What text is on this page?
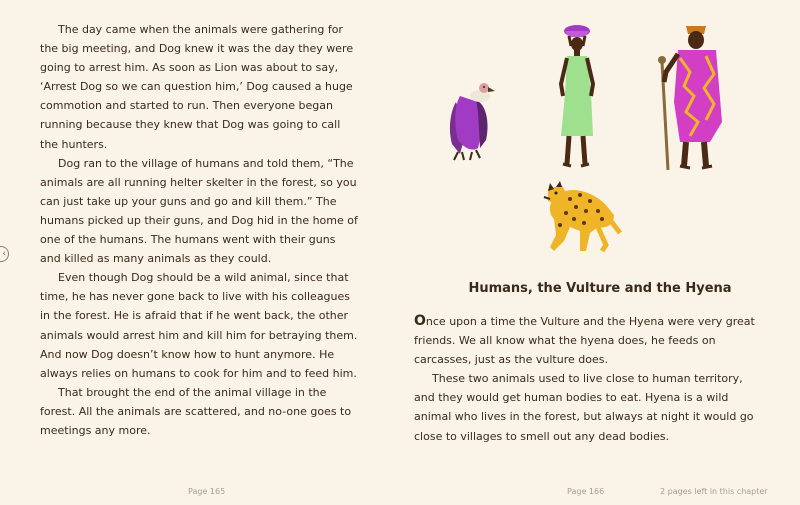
The day came when the animals were gathering for the big meeting, and Dog knew it was the day they were going to arrest him. As soon as Lion was about to say, ‘Arrest Dog so we can question him,’ Dog caused a huge commotion and started to run. Then everyone began running because they knew that Dog was going to call the hunters.

Dog ran to the village of humans and told them, “The animals are all running helter skelter in the forest, so you can just take up your guns and go and kill them.” The humans picked up their guns, and Dog hid in the home of one of the humans. The humans went with their guns and killed as many animals as they could.

Even though Dog should be a wild animal, since that time, he has never gone back to live with his colleagues in the forest. He is afraid that if he went back, the other animals would arrest him and kill him for betraying them. And now Dog doesn’t know how to hunt anymore. He always relies on humans to cook for him and to feed him.

That brought the end of the animal village in the forest. All the animals are scattered, and no-one goes to meetings any more.

Page 165
‹
Humans, the Vulture and the Hyena

Once upon a time the Vulture and the Hyena were very great friends. We all know what the hyena does, he feeds on carcasses, just as the vulture does.

These two animals used to live close to human territory, and they would get human bodies to eat. Hyena is a wild animal who lives in the forest, but always at night it would go close to villages to smell out any dead bodies.

Page 166	2 pages left in this chapter
